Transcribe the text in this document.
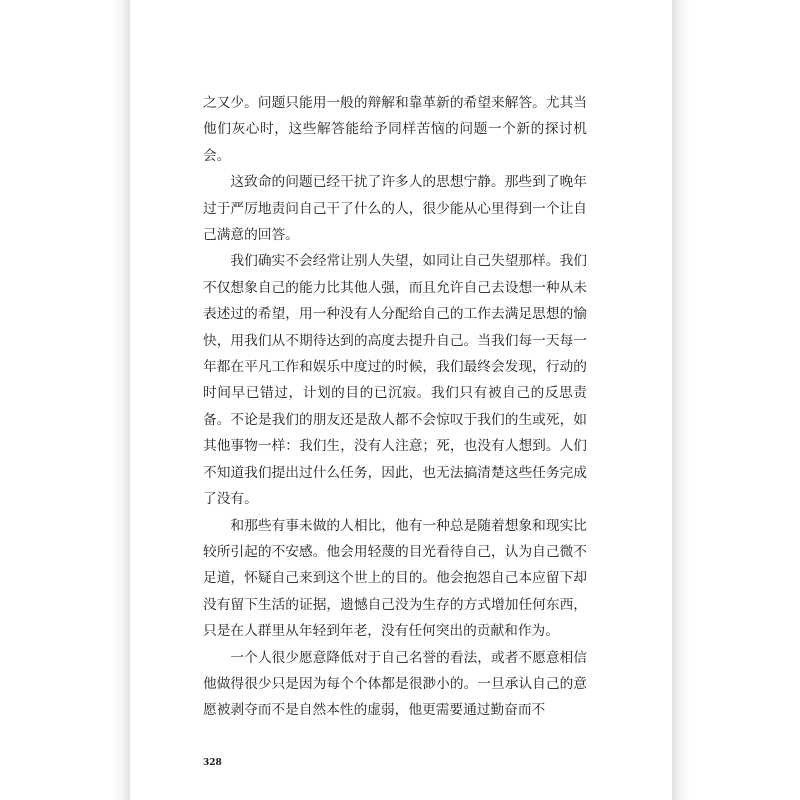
之又少。问题只能用一般的辩解和靠革新的希望来解答。尤其当他们灰心时，这些解答能给予同样苦恼的问题一个新的探讨机会。

这致命的问题已经干扰了许多人的思想宁静。那些到了晚年过于严厉地责问自己干了什么的人，很少能从心里得到一个让自己满意的回答。

我们确实不会经常让别人失望，如同让自己失望那样。我们不仅想象自己的能力比其他人强，而且允许自己去设想一种从未表述过的希望，用一种没有人分配给自己的工作去满足思想的愉快，用我们从不期待达到的高度去提升自己。当我们每一天每一年都在平凡工作和娱乐中度过的时候，我们最终会发现，行动的时间早已错过，计划的目的已沉寂。我们只有被自己的反思责备。不论是我们的朋友还是敌人都不会惊叹于我们的生或死，如其他事物一样：我们生，没有人注意；死，也没有人想到。人们不知道我们提出过什么任务，因此，也无法搞清楚这些任务完成了没有。

和那些有事未做的人相比，他有一种总是随着想象和现实比较所引起的不安感。他会用轻蔑的目光看待自己，认为自己微不足道，怀疑自己来到这个世上的目的。他会抱怨自己本应留下却没有留下生活的证据，遗憾自己没为生存的方式增加任何东西，只是在人群里从年轻到年老，没有任何突出的贡献和作为。

一个人很少愿意降低对于自己名誉的看法，或者不愿意相信他做得很少只是因为每个个体都是很渺小的。一旦承认自己的意愿被剥夺而不是自然本性的虚弱，他更需要通过勤奋而不

328
